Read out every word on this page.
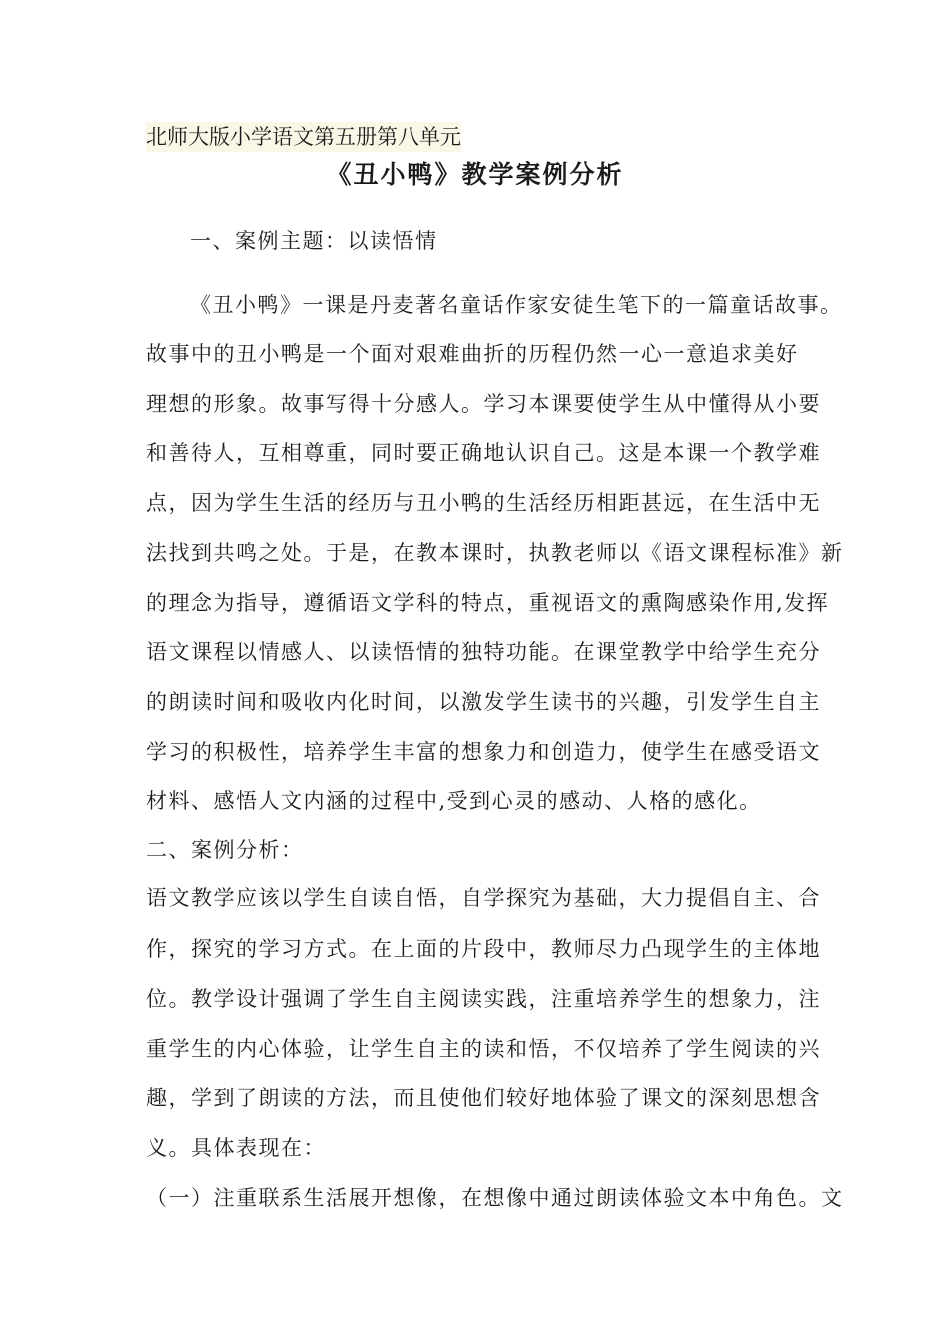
北师大版小学语文第五册第八单元
《丑小鸭》教学案例分析
一、案例主题：以读悟情
《丑小鸭》一课是丹麦著名童话作家安徒生笔下的一篇童话故事。
故事中的丑小鸭是一个面对艰难曲折的历程仍然一心一意追求美好
理想的形象。故事写得十分感人。学习本课要使学生从中懂得从小要
和善待人，互相尊重，同时要正确地认识自己。这是本课一个教学难
点，因为学生生活的经历与丑小鸭的生活经历相距甚远，在生活中无
法找到共鸣之处。于是，在教本课时，执教老师以《语文课程标准》新
的理念为指导，遵循语文学科的特点，重视语文的熏陶感染作用,发挥
语文课程以情感人、以读悟情的独特功能。在课堂教学中给学生充分
的朗读时间和吸收内化时间，以激发学生读书的兴趣，引发学生自主
学习的积极性，培养学生丰富的想象力和创造力，使学生在感受语文
材料、感悟人文内涵的过程中,受到心灵的感动、人格的感化。
二、案例分析：
语文教学应该以学生自读自悟，自学探究为基础，大力提倡自主、合
作，探究的学习方式。在上面的片段中，教师尽力凸现学生的主体地
位。教学设计强调了学生自主阅读实践，注重培养学生的想象力，注
重学生的内心体验，让学生自主的读和悟，不仅培养了学生阅读的兴
趣，学到了朗读的方法，而且使他们较好地体验了课文的深刻思想含
义。具体表现在：
（一）注重联系生活展开想像，在想像中通过朗读体验文本中角色。文
